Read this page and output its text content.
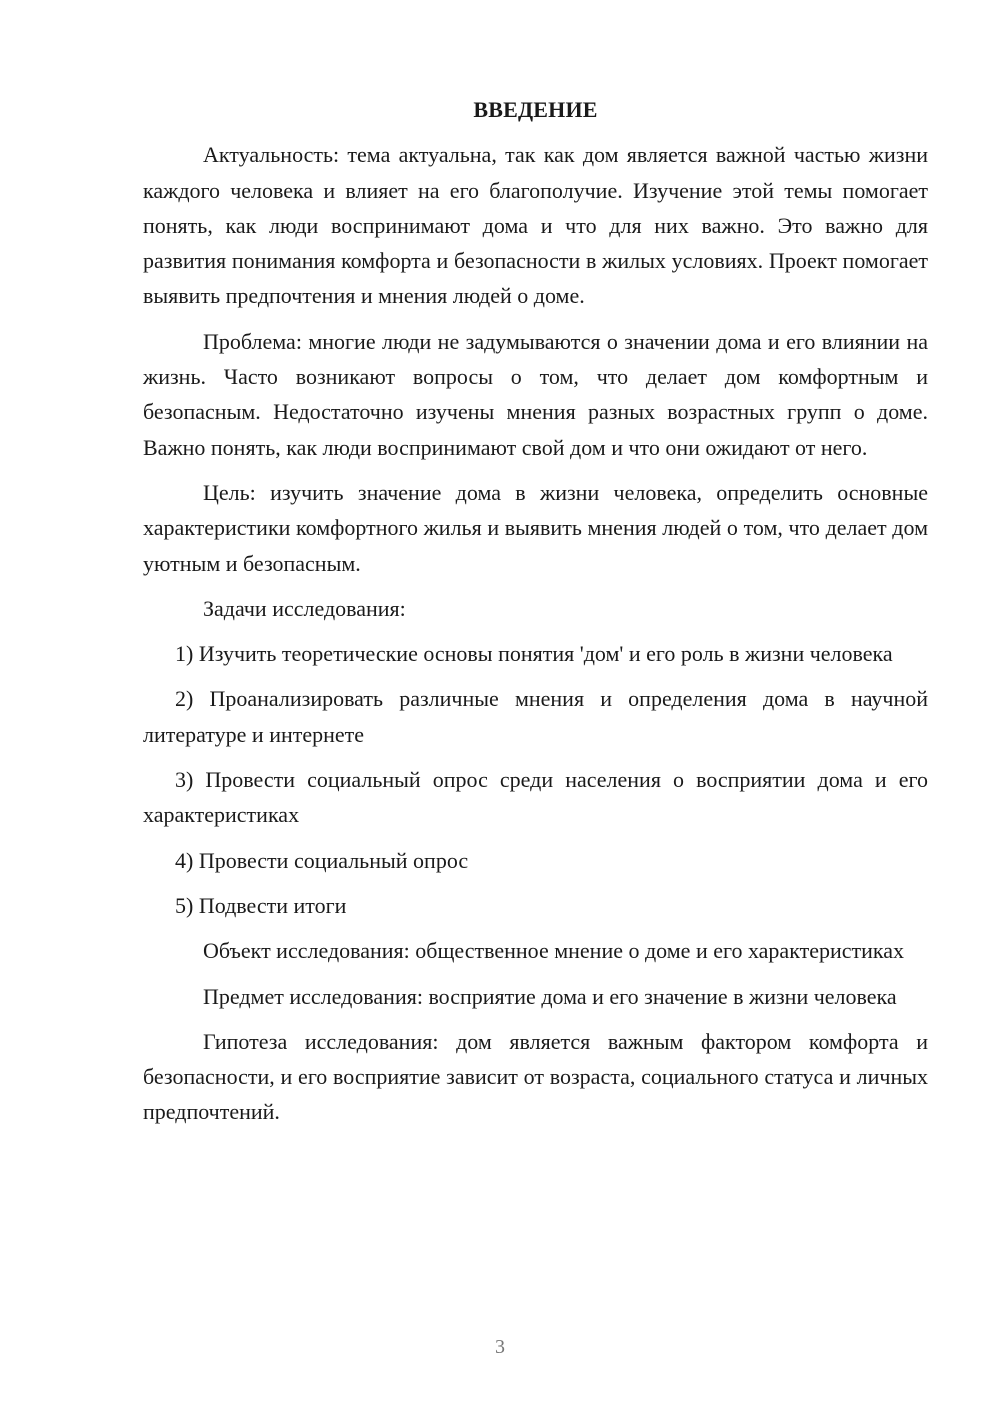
ВВЕДЕНИЕ

Актуальность: тема актуальна, так как дом является важной частью жизни каждого человека и влияет на его благополучие. Изучение этой темы помогает понять, как люди воспринимают дома и что для них важно. Это важно для развития понимания комфорта и безопасности в жилых условиях. Проект помогает выявить предпочтения и мнения людей о доме.

Проблема: многие люди не задумываются о значении дома и его влиянии на жизнь. Часто возникают вопросы о том, что делает дом комфортным и безопасным. Недостаточно изучены мнения разных возрастных групп о доме. Важно понять, как люди воспринимают свой дом и что они ожидают от него.

Цель: изучить значение дома в жизни человека, определить основные характеристики комфортного жилья и выявить мнения людей о том, что делает дом уютным и безопасным.

Задачи исследования:

1) Изучить теоретические основы понятия 'дом' и его роль в жизни человека

2) Проанализировать различные мнения и определения дома в научной литературе и интернете

3) Провести социальный опрос среди населения о восприятии дома и его характеристиках

4) Провести социальный опрос

5) Подвести итоги

Объект исследования: общественное мнение о доме и его характеристиках

Предмет исследования: восприятие дома и его значение в жизни человека

Гипотеза исследования: дом является важным фактором комфорта и безопасности, и его восприятие зависит от возраста, социального статуса и личных предпочтений.

3
